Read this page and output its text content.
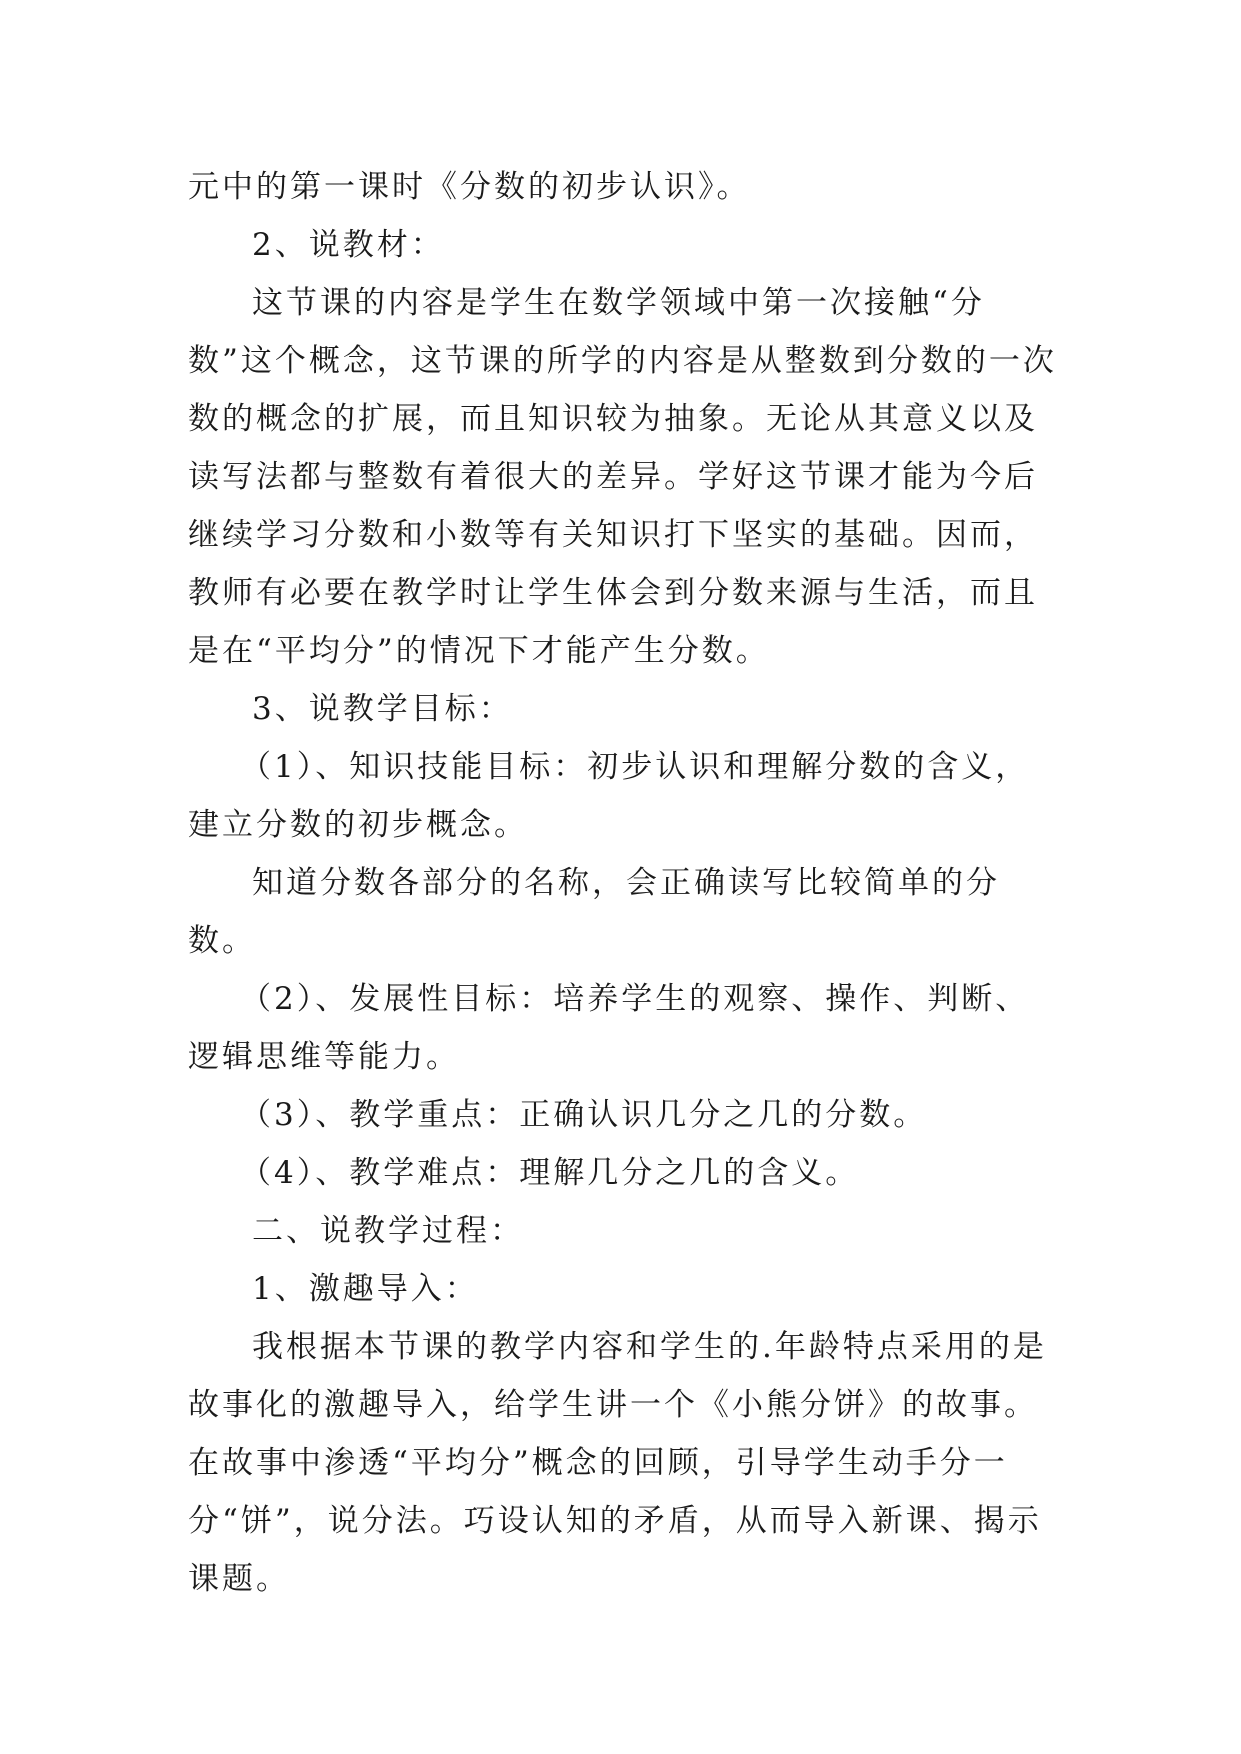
元中的第一课时《分数的初步认识》。

2、说教材：

这节课的内容是学生在数学领域中第一次接触“分数”这个概念，这节课的所学的内容是从整数到分数的一次数的概念的扩展，而且知识较为抽象。无论从其意义以及读写法都与整数有着很大的差异。学好这节课才能为今后继续学习分数和小数等有关知识打下坚实的基础。因而，教师有必要在教学时让学生体会到分数来源与生活，而且是在“平均分”的情况下才能产生分数。

3、说教学目标：

（1）、知识技能目标：初步认识和理解分数的含义，建立分数的初步概念。

知道分数各部分的名称，会正确读写比较简单的分数。

（2）、发展性目标：培养学生的观察、操作、判断、逻辑思维等能力。

（3）、教学重点：正确认识几分之几的分数。

（4）、教学难点：理解几分之几的含义。

二、说教学过程：

1、激趣导入：

我根据本节课的教学内容和学生的.年龄特点采用的是故事化的激趣导入，给学生讲一个《小熊分饼》的故事。在故事中渗透“平均分”概念的回顾，引导学生动手分一分“饼”，说分法。巧设认知的矛盾，从而导入新课、揭示课题。
